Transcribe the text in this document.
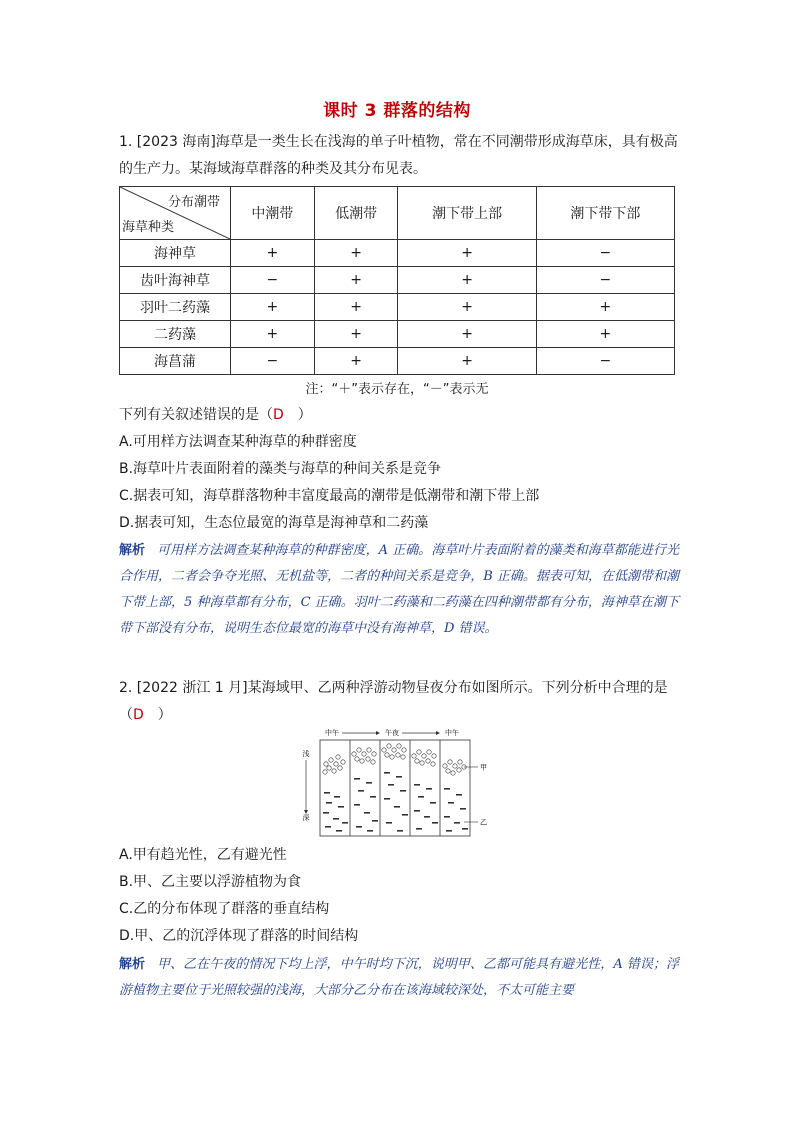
课时 3 群落的结构
1. [2023 海南]海草是一类生长在浅海的单子叶植物，常在不同潮带形成海草床，具有极高
的生产力。某海域海草群落的种类及其分布见表。
分布潮带
海草种类	中潮带	低潮带	潮下带上部	潮下带下部
海神草	+	+	+	−
齿叶海神草	−	+	+	−
羽叶二药藻	+	+	+	+
二药藻	+	+	+	+
海菖蒲	−	+	+	−
注：“＋”表示存在，“－”表示无
下列有关叙述错误的是（D　）
A.可用样方法调查某种海草的种群密度
B.海草叶片表面附着的藻类与海草的种间关系是竞争
C.据表可知，海草群落物种丰富度最高的潮带是低潮带和潮下带上部
D.据表可知，生态位最宽的海草是海神草和二药藻
解析 可用样方法调查某种海草的种群密度，A 正确。海草叶片表面附着的藻类和海草都能进行光合作用，二者会争夺光照、无机盐等，二者的种间关系是竞争，B 正确。据表可知，在低潮带和潮下带上部，5 种海草都有分布，C 正确。羽叶二药藻和二药藻在四种潮带都有分布，海神草在潮下带下部没有分布，说明生态位最宽的海草中没有海神草，D 错误。
2. [2022 浙江 1 月]某海域甲、乙两种浮游动物昼夜分布如图所示。下列分析中合理的是
（D　）
中午	午夜	中午
浅
深
甲
乙
A.甲有趋光性，乙有避光性
B.甲、乙主要以浮游植物为食
C.乙的分布体现了群落的垂直结构
D.甲、乙的沉浮体现了群落的时间结构
解析 甲、乙在午夜的情况下均上浮，中午时均下沉，说明甲、乙都可能具有避光性，A 错误；浮游植物主要位于光照较强的浅海，大部分乙分布在该海域较深处，不太可能主要
